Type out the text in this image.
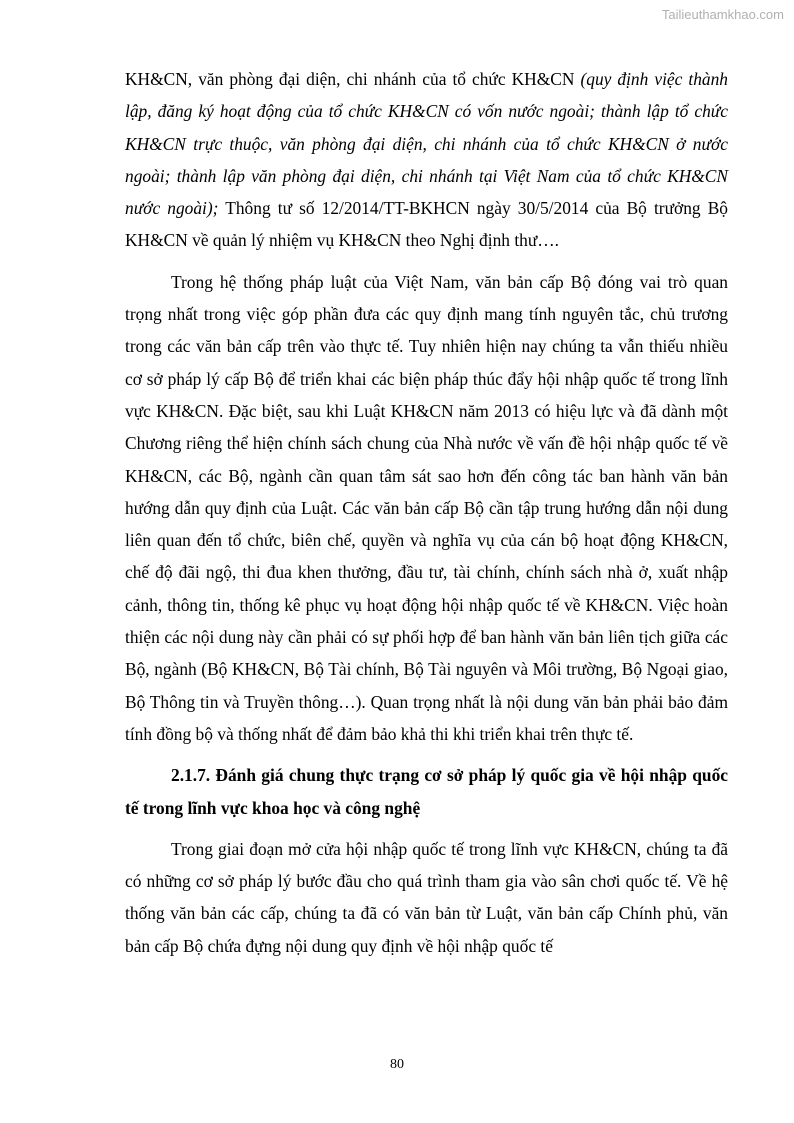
Tailieuthamkhao.com

KH&CN, văn phòng đại diện, chi nhánh của tổ chức KH&CN (quy định việc thành lập, đăng ký hoạt động của tổ chức KH&CN có vốn nước ngoài; thành lập tổ chức KH&CN trực thuộc, văn phòng đại diện, chi nhánh của tổ chức KH&CN ở nước ngoài; thành lập văn phòng đại diện, chi nhánh tại Việt Nam của tổ chức KH&CN nước ngoài); Thông tư số 12/2014/TT-BKHCN ngày 30/5/2014 của Bộ trưởng Bộ KH&CN về quản lý nhiệm vụ KH&CN theo Nghị định thư….

Trong hệ thống pháp luật của Việt Nam, văn bản cấp Bộ đóng vai trò quan trọng nhất trong việc góp phần đưa các quy định mang tính nguyên tắc, chủ trương trong các văn bản cấp trên vào thực tế. Tuy nhiên hiện nay chúng ta vẫn thiếu nhiều cơ sở pháp lý cấp Bộ để triển khai các biện pháp thúc đẩy hội nhập quốc tế trong lĩnh vực KH&CN. Đặc biệt, sau khi Luật KH&CN năm 2013 có hiệu lực và đã dành một Chương riêng thể hiện chính sách chung của Nhà nước về vấn đề hội nhập quốc tế về KH&CN, các Bộ, ngành cần quan tâm sát sao hơn đến công tác ban hành văn bản hướng dẫn quy định của Luật. Các văn bản cấp Bộ cần tập trung hướng dẫn nội dung liên quan đến tổ chức, biên chế, quyền và nghĩa vụ của cán bộ hoạt động KH&CN, chế độ đãi ngộ, thi đua khen thưởng, đầu tư, tài chính, chính sách nhà ở, xuất nhập cảnh, thông tin, thống kê phục vụ hoạt động hội nhập quốc tế về KH&CN. Việc hoàn thiện các nội dung này cần phải có sự phối hợp để ban hành văn bản liên tịch giữa các Bộ, ngành (Bộ KH&CN, Bộ Tài chính, Bộ Tài nguyên và Môi trường, Bộ Ngoại giao, Bộ Thông tin và Truyền thông…). Quan trọng nhất là nội dung văn bản phải bảo đảm tính đồng bộ và thống nhất để đảm bảo khả thi khi triển khai trên thực tế.

2.1.7. Đánh giá chung thực trạng cơ sở pháp lý quốc gia về hội nhập quốc tế trong lĩnh vực khoa học và công nghệ

Trong giai đoạn mở cửa hội nhập quốc tế trong lĩnh vực KH&CN, chúng ta đã có những cơ sở pháp lý bước đầu cho quá trình tham gia vào sân chơi quốc tế. Về hệ thống văn bản các cấp, chúng ta đã có văn bản từ Luật, văn bản cấp Chính phủ, văn bản cấp Bộ chứa đựng nội dung quy định về hội nhập quốc tế

80
